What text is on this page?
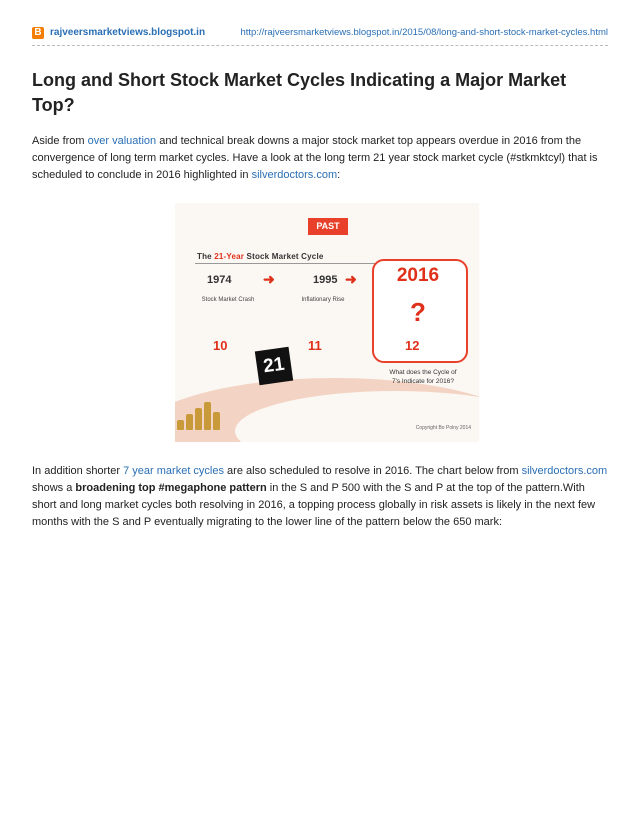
B rajveersmarketviews.blogspot.in	http://rajveersmarketviews.blogspot.in/2015/08/long-and-short-stock-market-cycles.html
Long and Short Stock Market Cycles Indicating a Major Market Top?

Aside from over valuation and technical break downs a major stock market top appears overdue in 2016 from the convergence of long term market cycles. Have a look at the long term 21 year stock market cycle (#stkmktcyl) that is scheduled to conclude in 2016 highlighted in silverdoctors.com:

PAST
The 21-Year Stock Market Cycle
1974 ➜	1995 ➜
Stock Market Crash	Inflationary Rise
2016
?
10	11	12
21	What does the Cycle of 7's Indicate for 2016?
Copyright Bo Polny 2014

In addition shorter 7 year market cycles are also scheduled to resolve in 2016. The chart below from silverdoctors.com shows a broadening top #megaphone pattern in the S and P 500 with the S and P at the top of the pattern.With short and long market cycles both resolving in 2016, a topping process globally in risk assets is likely in the next few months with the S and P eventually migrating to the lower line of the pattern below the 650 mark:
